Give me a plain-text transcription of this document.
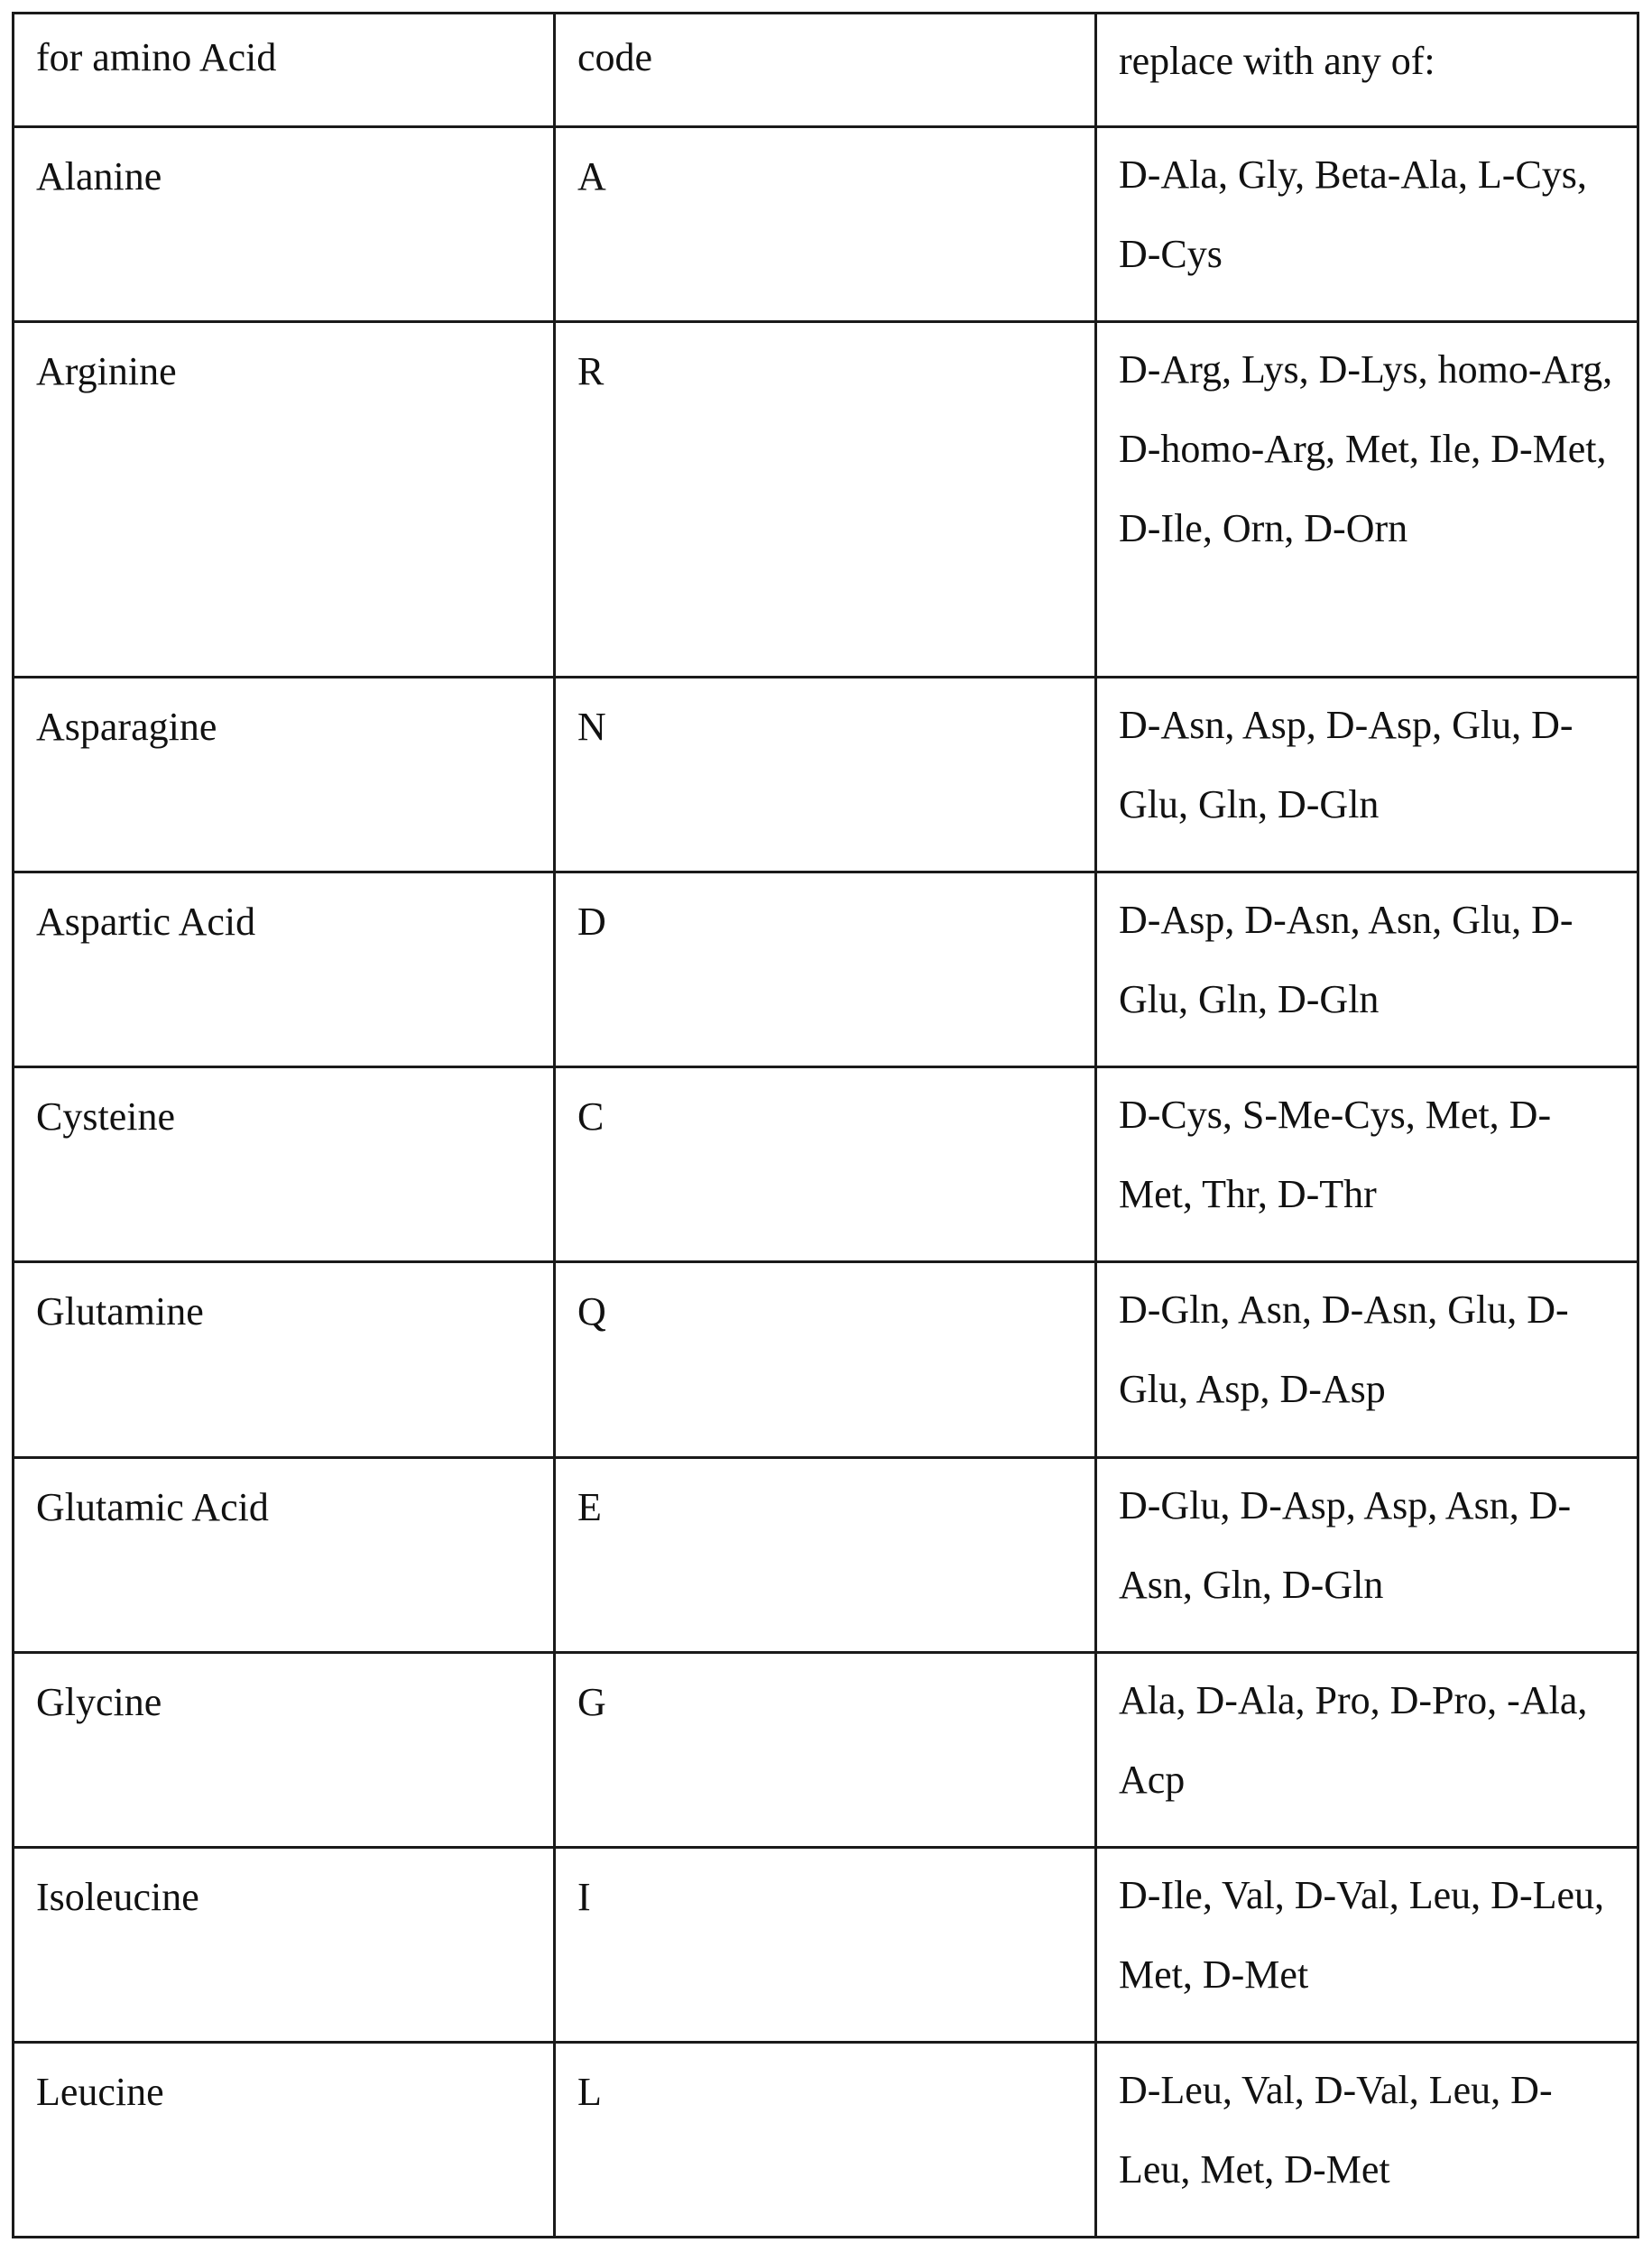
for amino Acid	code	replace with any of:

Alanine	A	D-Ala, Gly, Beta-Ala, L-Cys, D-Cys

Arginine	R	D-Arg, Lys, D-Lys, homo-Arg, D-homo-Arg, Met, Ile, D-Met, D-Ile, Orn, D-Orn

Asparagine	N	D-Asn, Asp, D-Asp, Glu, D-Glu, Gln, D-Gln

Aspartic Acid	D	D-Asp, D-Asn, Asn, Glu, D-Glu, Gln, D-Gln

Cysteine	C	D-Cys, S-Me-Cys, Met, D-Met, Thr, D-Thr

Glutamine	Q	D-Gln, Asn, D-Asn, Glu, D-Glu, Asp, D-Asp

Glutamic Acid	E	D-Glu, D-Asp, Asp, Asn, D-Asn, Gln, D-Gln

Glycine	G	Ala, D-Ala, Pro, D-Pro, -Ala, Acp

Isoleucine	I	D-Ile, Val, D-Val, Leu, D-Leu, Met, D-Met

Leucine	L	D-Leu, Val, D-Val, Leu, D-Leu, Met, D-Met
